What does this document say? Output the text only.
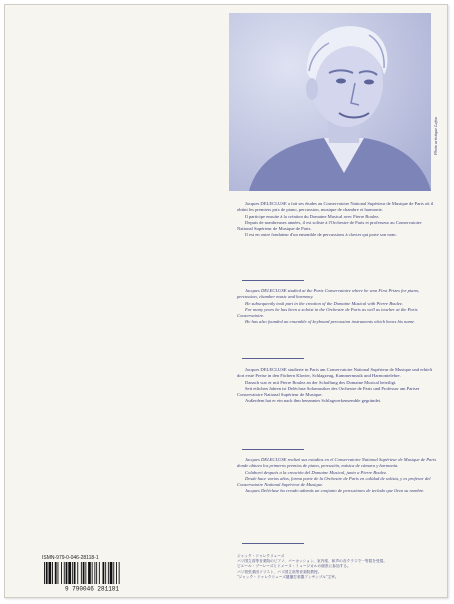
Photo artistique Lafon

Jacques DELECLUSE a fait ses études au Conservatoire National Supérieur de Musique de Paris où il obtint les premiers prix de piano, percussion, musique de chambre et harmonie.

Il participe ensuite à la création du Domaine Musical avec Pierre Boulez.

Depuis de nombreuses années, il est soliste à l'Orchestre de Paris et professeur au Conservatoire National Supérieur de Musique de Paris.

Il est en outre fondateur d'un ensemble de percussions à clavier qui porte son nom.

Jacques DELECLUSE studied at the Paris Conservatoire where he won First Prizes for piano, percussion, chamber music and harmony.

He subsequently took part in the creation of the Domaine Musical with Pierre Boulez.

For many years he has been a soloist in the Orchestre de Paris as well as teacher at the Paris Conservatoire.

He has also founded an ensemble of keyboard percussion instruments which bears his name.

Jacques DELECLUSE studierte in Paris am Conservatoire National Supérieur de Musique und erhielt dort erste Preise in den Fächern Klavier, Schlagzeug, Kammermusik und Harmonielehre.

Danach war er mit Pierre Boulez an der Schaffung des Domaine Musical beteiligt.

Seit etlichen Jahren ist Delécluse Solomusiker des Orchestre de Paris und Professor am Pariser Conservatoire National Supérieur de Musique.

Außerdem hat er ein nach ihm benanntes Schlagwerkensemble gegründet.

Jacques DELECLUSE realizó sus estudios en el Conservatoire National Supérieur de Musique de Paris donde obtuvo los primeros premios de piano, percusión, música de cámara y harmonía.

Colaboró después a la creación del Domaine Musical, junto a Pierre Boulez.

Desde hace varios años, forma parte de la Orchestre de Paris en calidad de solista, y es profesor del Conservatoire National Supérieur de Musique.

Jacques Delécluse ha creado además un conjunto de percusiones de teclado que lleva su nombre.

ISMN-979-0-046-28118-1
9 790046 281181
ジャック・ドゥレクリューズ
パリ国立高等音楽院のピアノ、パーカッション、室内楽、和声の各クラスで一等賞を受賞。
ピエール・ブーレーズとドメーヌ・ミュージカルの創設に参加する。
パリ管弦楽団ソリスト、パリ国立高等音楽院教授。
"ジャック・ドゥレクリューズ鍵盤打楽器アンサンブル"主宰。
